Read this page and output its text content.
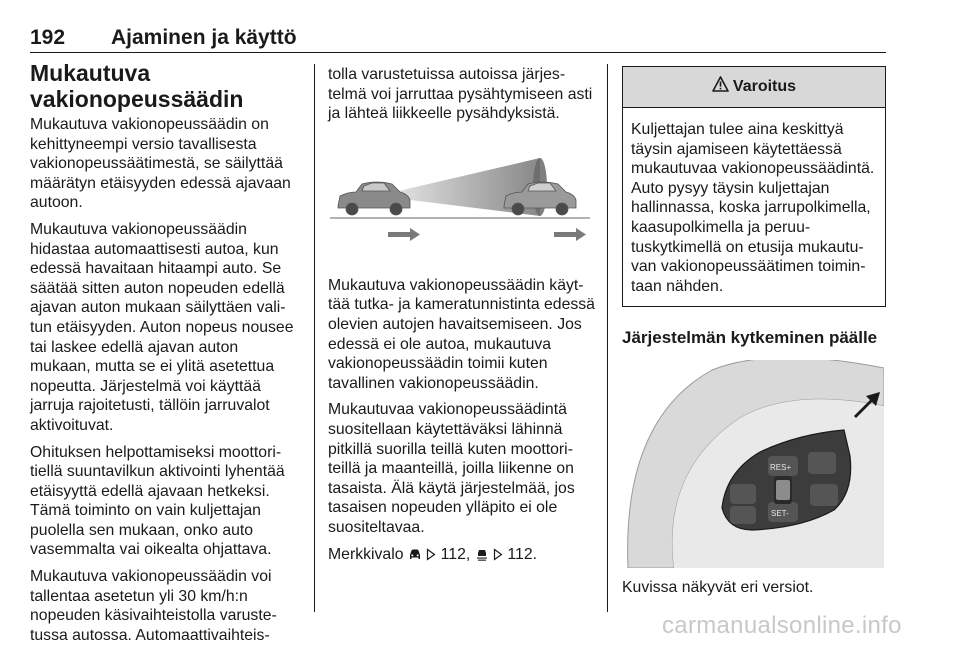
192 Ajaminen ja käyttö
Mukautuva vakionopeussäädin

Mukautuva vakionopeussäädin on kehittyneempi versio tavallisesta vakionopeussäätimestä, se säilyttää määrätyn etäisyyden edessä ajavaan autoon.

Mukautuva vakionopeussäädin hidastaa automaattisesti autoa, kun edessä havaitaan hitaampi auto. Se säätää sitten auton nopeuden edellä ajavan auton mukaan säilyttäen valitun etäisyyden. Auton nopeus nousee tai laskee edellä ajavan auton mukaan, mutta se ei ylitä asetettua nopeutta. Järjestelmä voi käyttää jarruja rajoitetusti, tällöin jarruvalot aktivoituvat.

Ohituksen helpottamiseksi moottoritiellä suuntavilkun aktivointi lyhentää etäisyyttä edellä ajavaan hetkeksi. Tämä toiminto on vain kuljettajan puolella sen mukaan, onko auto vasemmalta vai oikealta ohjattava.

Mukautuva vakionopeussäädin voi tallentaa asetetun yli 30 km/h:n nopeuden käsivaihteistolla varustetussa autossa. Automaattivaihteis-

tolla varustetuissa autoissa järjestelmä voi jarruttaa pysähtymiseen asti ja lähteä liikkeelle pysähdyksistä.

Mukautuva vakionopeussäädin käyttää tutka- ja kameratunnistinta edessä olevien autojen havaitsemiseen. Jos edessä ei ole autoa, mukautuva vakionopeussäädin toimii kuten tavallinen vakionopeussäädin.

Mukautuvaa vakionopeussäädintä suositellaan käytettäväksi lähinnä pitkillä suorilla teillä kuten moottoriteillä ja maanteillä, joilla liikenne on tasaista. Älä käytä järjestelmää, jos tasaisen nopeuden ylläpito ei ole suositeltavaa.

Merkkivalo 112, 112.

Varoitus
Kuljettajan tulee aina keskittyä täysin ajamiseen käytettäessä mukautuvaa vakionopeussäädintä. Auto pysyy täysin kuljettajan hallinnassa, koska jarrupolkimella, kaasupolkimella ja peruutuskytkimellä on etusija mukautuvan vakionopeussäätimen toimintaan nähden.
Järjestelmän kytkeminen päälle
RES+
SET-

Kuvissa näkyvät eri versiot.

carmanualsonline.info
